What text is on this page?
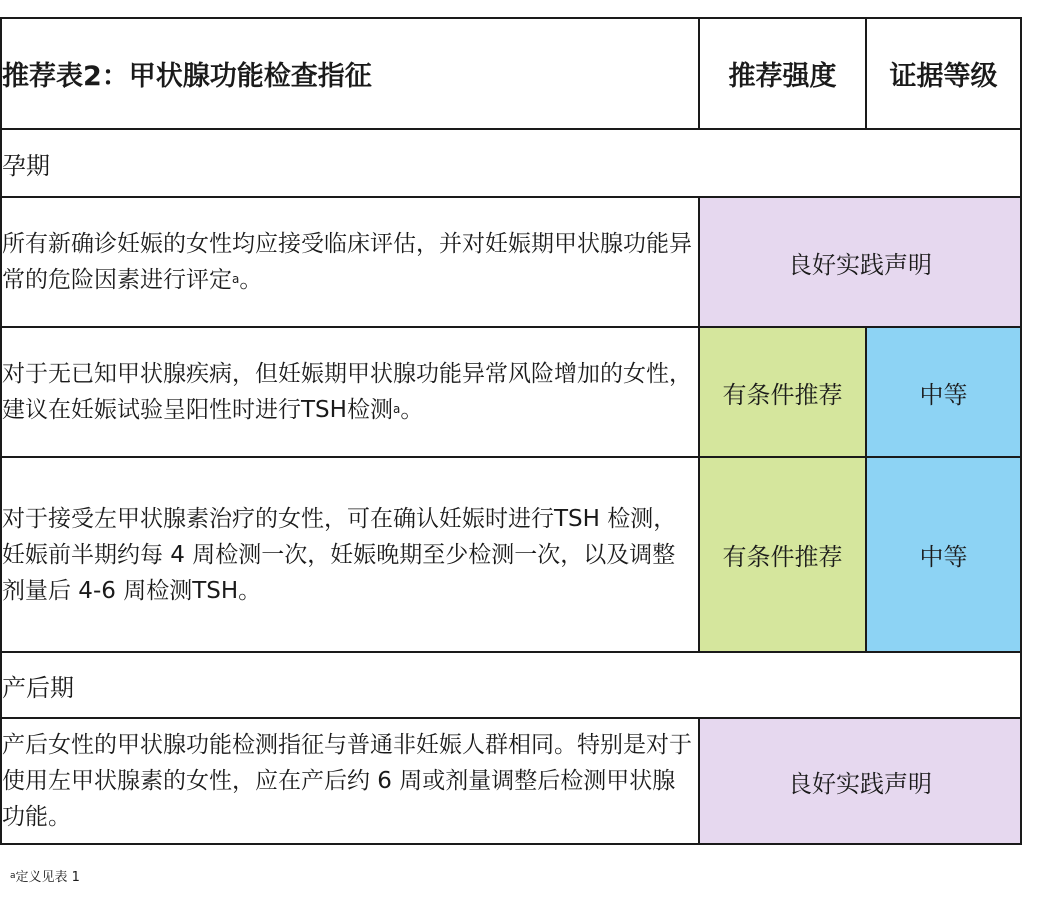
推荐表2：甲状腺功能检查指征	推荐强度	证据等级
孕期		
所有新确诊妊娠的女性均应接受临床评估，并对妊娠期甲状腺功能异常的危险因素进行评定$^a$。	良好实践声明	
对于无已知甲状腺疾病，但妊娠期甲状腺功能异常风险增加的女性，建议在妊娠试验呈阳性时进行TSH检测$^a$。	有条件推荐	中等
对于接受左甲状腺素治疗的女性，可在确认妊娠时进行TSH 检测，妊娠前半期约每 4 周检测一次，妊娠晚期至少检测一次，以及调整剂量后 4-6 周检测TSH。	有条件推荐	中等
产后期		
产后女性的甲状腺功能检测指征与普通非妊娠人群相同。特别是对于使用左甲状腺素的女性，应在产后约 6 周或剂量调整后检测甲状腺功能。	良好实践声明	
$^a$定义见表 1
